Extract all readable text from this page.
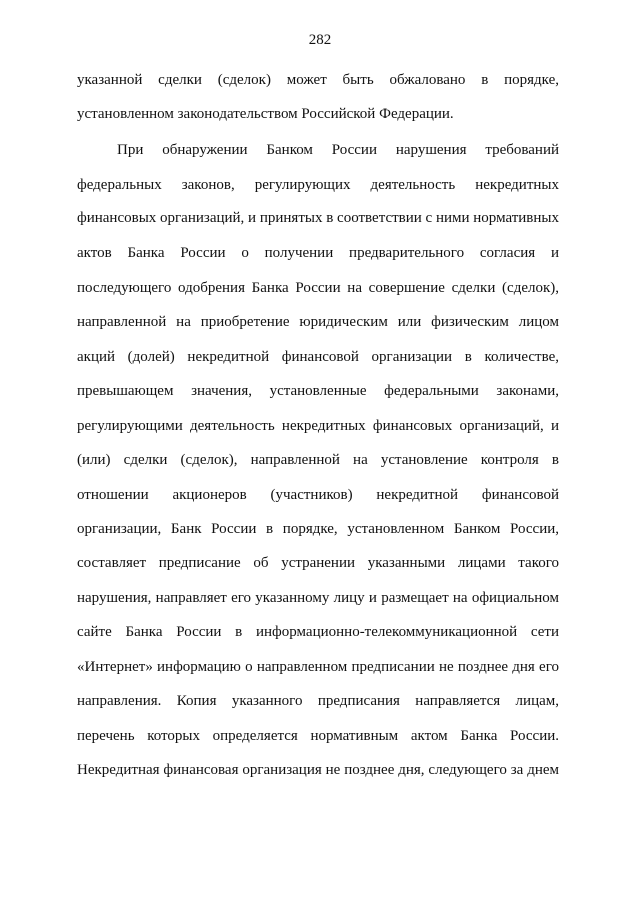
282
указанной сделки (сделок) может быть обжаловано в порядке,
установленном законодательством Российской Федерации.
При обнаружении Банком России нарушения требований
федеральных законов, регулирующих деятельность некредитных
финансовых организаций, и принятых в соответствии с ними нормативных
актов Банка России о получении предварительного согласия и
последующего одобрения Банка России на совершение сделки (сделок),
направленной на приобретение юридическим или физическим лицом
акций (долей) некредитной финансовой организации в количестве,
превышающем значения, установленные федеральными законами,
регулирующими деятельность некредитных финансовых организаций, и
(или) сделки (сделок), направленной на установление контроля в
отношении акционеров (участников) некредитной финансовой
организации, Банк России в порядке, установленном Банком России,
составляет предписание об устранении указанными лицами такого
нарушения, направляет его указанному лицу и размещает на официальном
сайте Банка России в информационно-телекоммуникационной сети
«Интернет» информацию о направленном предписании не позднее дня его
направления. Копия указанного предписания направляется лицам,
перечень которых определяется нормативным актом Банка России.
Некредитная финансовая организация не позднее дня, следующего за днем
